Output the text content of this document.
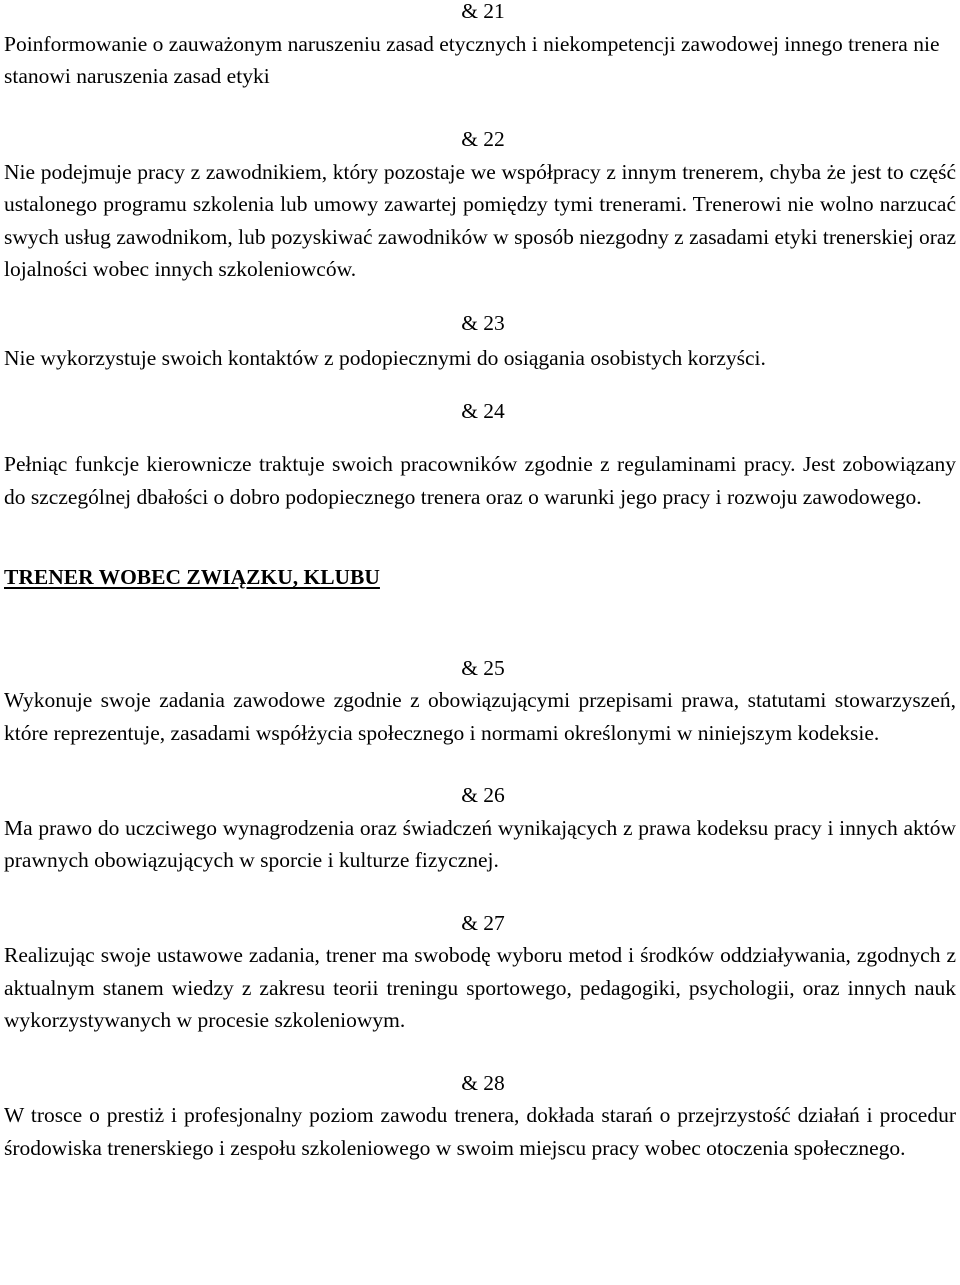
& 21

Poinformowanie o zauważonym naruszeniu zasad etycznych i niekompetencji zawodowej innego trenera nie stanowi naruszenia zasad etyki

& 22

Nie podejmuje pracy z zawodnikiem, który pozostaje we współpracy z innym trenerem, chyba że jest to część ustalonego programu szkolenia lub umowy zawartej pomiędzy tymi trenerami. Trenerowi nie wolno narzucać swych usług zawodnikom, lub pozyskiwać zawodników w sposób niezgodny z zasadami etyki trenerskiej oraz lojalności wobec innych szkoleniowców.

& 23

Nie wykorzystuje swoich kontaktów z podopiecznymi do osiągania osobistych korzyści.

& 24

Pełniąc funkcje kierownicze traktuje swoich pracowników zgodnie z regulaminami pracy. Jest zobowiązany do szczególnej dbałości o dobro podopiecznego trenera oraz o warunki jego pracy i rozwoju zawodowego.

TRENER WOBEC ZWIĄZKU, KLUBU

& 25

Wykonuje swoje zadania zawodowe zgodnie z obowiązującymi przepisami prawa, statutami stowarzyszeń, które reprezentuje, zasadami współżycia społecznego i normami określonymi w niniejszym kodeksie.

& 26

Ma prawo do uczciwego wynagrodzenia oraz świadczeń wynikających z prawa kodeksu pracy i innych aktów prawnych obowiązujących w sporcie i kulturze fizycznej.

& 27

Realizując swoje ustawowe zadania, trener ma swobodę wyboru metod i środków oddziaływania, zgodnych z aktualnym stanem wiedzy z zakresu teorii treningu sportowego, pedagogiki, psychologii, oraz innych nauk wykorzystywanych w procesie szkoleniowym.

& 28

W trosce o prestiż i profesjonalny poziom zawodu trenera, dokłada starań o przejrzystość działań i procedur środowiska trenerskiego i zespołu szkoleniowego w swoim miejscu pracy wobec otoczenia społecznego.
